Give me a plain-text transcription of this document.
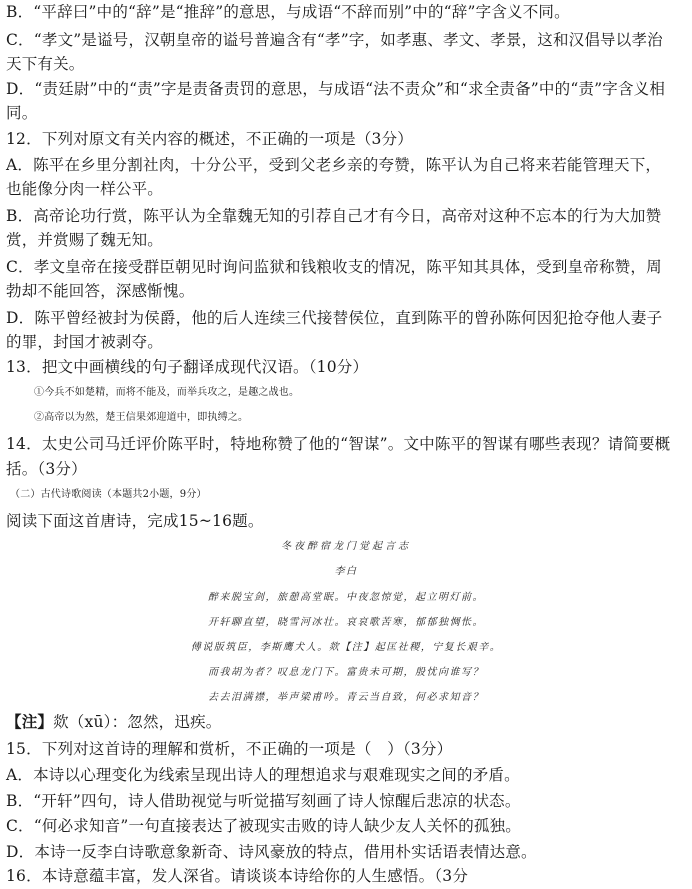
B．“平辞曰”中的“辞”是“推辞”的意思，与成语“不辞而别”中的“辞”字含义不同。
C．“孝文”是谥号，汉朝皇帝的谥号普遍含有“孝”字，如孝惠、孝文、孝景，这和汉倡导以孝治
天下有关。
D．“责廷尉”中的“责”字是责备责罚的意思，与成语“法不责众”和“求全责备”中的“责”字含义相
同。
12．下列对原文有关内容的概述，不正确的一项是（3分）
A．陈平在乡里分割社肉，十分公平，受到父老乡亲的夸赞，陈平认为自己将来若能管理天下，
也能像分肉一样公平。
B．高帝论功行赏，陈平认为全靠魏无知的引荐自己才有今日，高帝对这种不忘本的行为大加赞
赏，并赏赐了魏无知。
C．孝文皇帝在接受群臣朝见时询问监狱和钱粮收支的情况，陈平知其具体，受到皇帝称赞，周
勃却不能回答，深感惭愧。
D．陈平曾经被封为侯爵，他的后人连续三代接替侯位，直到陈平的曾孙陈何因犯抢夺他人妻子
的罪，封国才被剥夺。
13．把文中画横线的句子翻译成现代汉语。（10分）
①今兵不如楚精，而将不能及，而举兵攻之，是趣之战也。
②高帝以为然，楚王信果郊迎道中，即执缚之。
14．太史公司马迁评价陈平时，特地称赞了他的“智谋”。文中陈平的智谋有哪些表现？请简要概
括。（3分）
（二）古代诗歌阅读（本题共2小题，9分）
阅读下面这首唐诗，完成15~16题。
冬夜醉宿龙门觉起言志
李白
醉来脱宝剑，旅憩高堂眠。中夜忽惊觉，起立明灯前。
开轩聊直望，晓雪河冰壮。哀哀歌苦寒，郁郁独惆怅。
傅说版筑臣，李斯鹰犬人。欻【注】起匡社稷，宁复长艰辛。
而我胡为者？叹息龙门下。富贵未可期，殷忧向谁写？
去去泪满襟，举声梁甫吟。青云当自致，何必求知音？
【注】欻（xū）：忽然，迅疾。
15．下列对这首诗的理解和赏析，不正确的一项是（　）（3分）
A．本诗以心理变化为线索呈现出诗人的理想追求与艰难现实之间的矛盾。
B．“开轩”四句，诗人借助视觉与听觉描写刻画了诗人惊醒后悲凉的状态。
C．“何必求知音”一句直接表达了被现实击败的诗人缺少友人关怀的孤独。
D．本诗一反李白诗歌意象新奇、诗风豪放的特点，借用朴实话语表情达意。
16．本诗意蕴丰富，发人深省。请谈谈本诗给你的人生感悟。（3分
